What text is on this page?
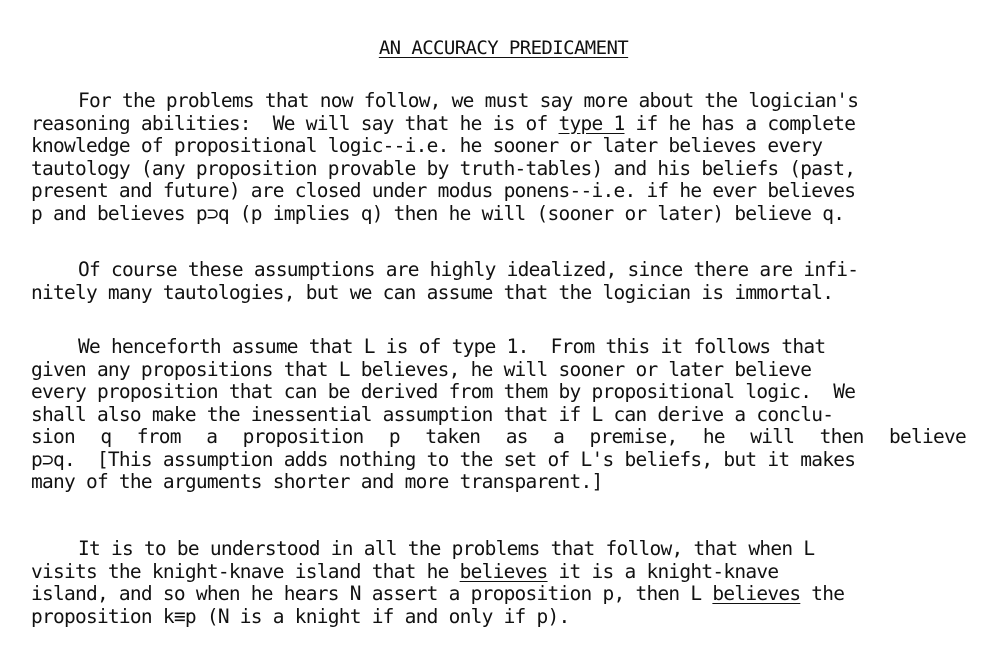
AN ACCURACY PREDICAMENT
For the problems that now follow, we must say more about the logician's
reasoning abilities:  We will say that he is of type 1 if he has a complete
knowledge of propositional logic--i.e. he sooner or later believes every
tautology (any proposition provable by truth-tables) and his beliefs (past,
present and future) are closed under modus ponens--i.e. if he ever believes
p and believes p⊃q (p implies q) then he will (sooner or later) believe q.
Of course these assumptions are highly idealized, since there are infi-
nitely many tautologies, but we can assume that the logician is immortal.
We henceforth assume that L is of type 1.  From this it follows that
given any propositions that L believes, he will sooner or later believe
every proposition that can be derived from them by propositional logic.  We
shall also make the inessential assumption that if L can derive a conclu-
sion q from a proposition p taken as a premise, he will then believe
p⊃q.  [This assumption adds nothing to the set of L's beliefs, but it makes
many of the arguments shorter and more transparent.]
It is to be understood in all the problems that follow, that when L
visits the knight-knave island that he believes it is a knight-knave
island, and so when he hears N assert a proposition p, then L believes the
proposition k≡p (N is a knight if and only if p).
